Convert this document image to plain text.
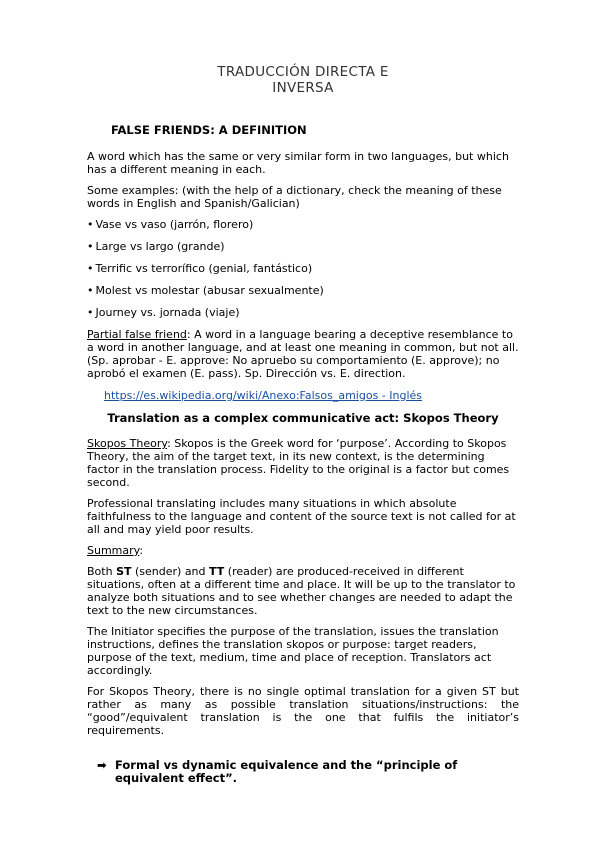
TRADUCCIÓN DIRECTA E
INVERSA
FALSE FRIENDS: A DEFINITION

A word which has the same or very similar form in two languages, but which has a different meaning in each.

Some examples: (with the help of a dictionary, check the meaning of these words in English and Spanish/Galician)

• Vase vs vaso (jarrón, florero)
• Large vs largo (grande)
• Terrific vs terrorífico (genial, fantástico)
• Molest vs molestar (abusar sexualmente)
• Journey vs. jornada (viaje)

Partial false friend: A word in a language bearing a deceptive resemblance to a word in another language, and at least one meaning in common, but not all. (Sp. aprobar - E. approve: No apruebo su comportamiento (E. approve); no aprobó el examen (E. pass). Sp. Dirección vs. E. direction.

https://es.wikipedia.org/wiki/Anexo:Falsos_amigos - Inglés
Translation as a complex communicative act: Skopos Theory

Skopos Theory: Skopos is the Greek word for ‘purpose’. According to Skopos Theory, the aim of the target text, in its new context, is the determining factor in the translation process. Fidelity to the original is a factor but comes second.

Professional translating includes many situations in which absolute faithfulness to the language and content of the source text is not called for at all and may yield poor results.

Summary:

Both ST (sender) and TT (reader) are produced-received in different situations, often at a different time and place. It will be up to the translator to analyze both situations and to see whether changes are needed to adapt the text to the new circumstances.

The Initiator specifies the purpose of the translation, issues the translation instructions, defines the translation skopos or purpose: target readers, purpose of the text, medium, time and place of reception. Translators act accordingly.

For Skopos Theory, there is no single optimal translation for a given ST but rather as many as possible translation situations/instructions: the “good”/equivalent translation is the one that fulfils the initiator’s requirements.

➡ Formal vs dynamic equivalence and the “principle of equivalent effect”.
